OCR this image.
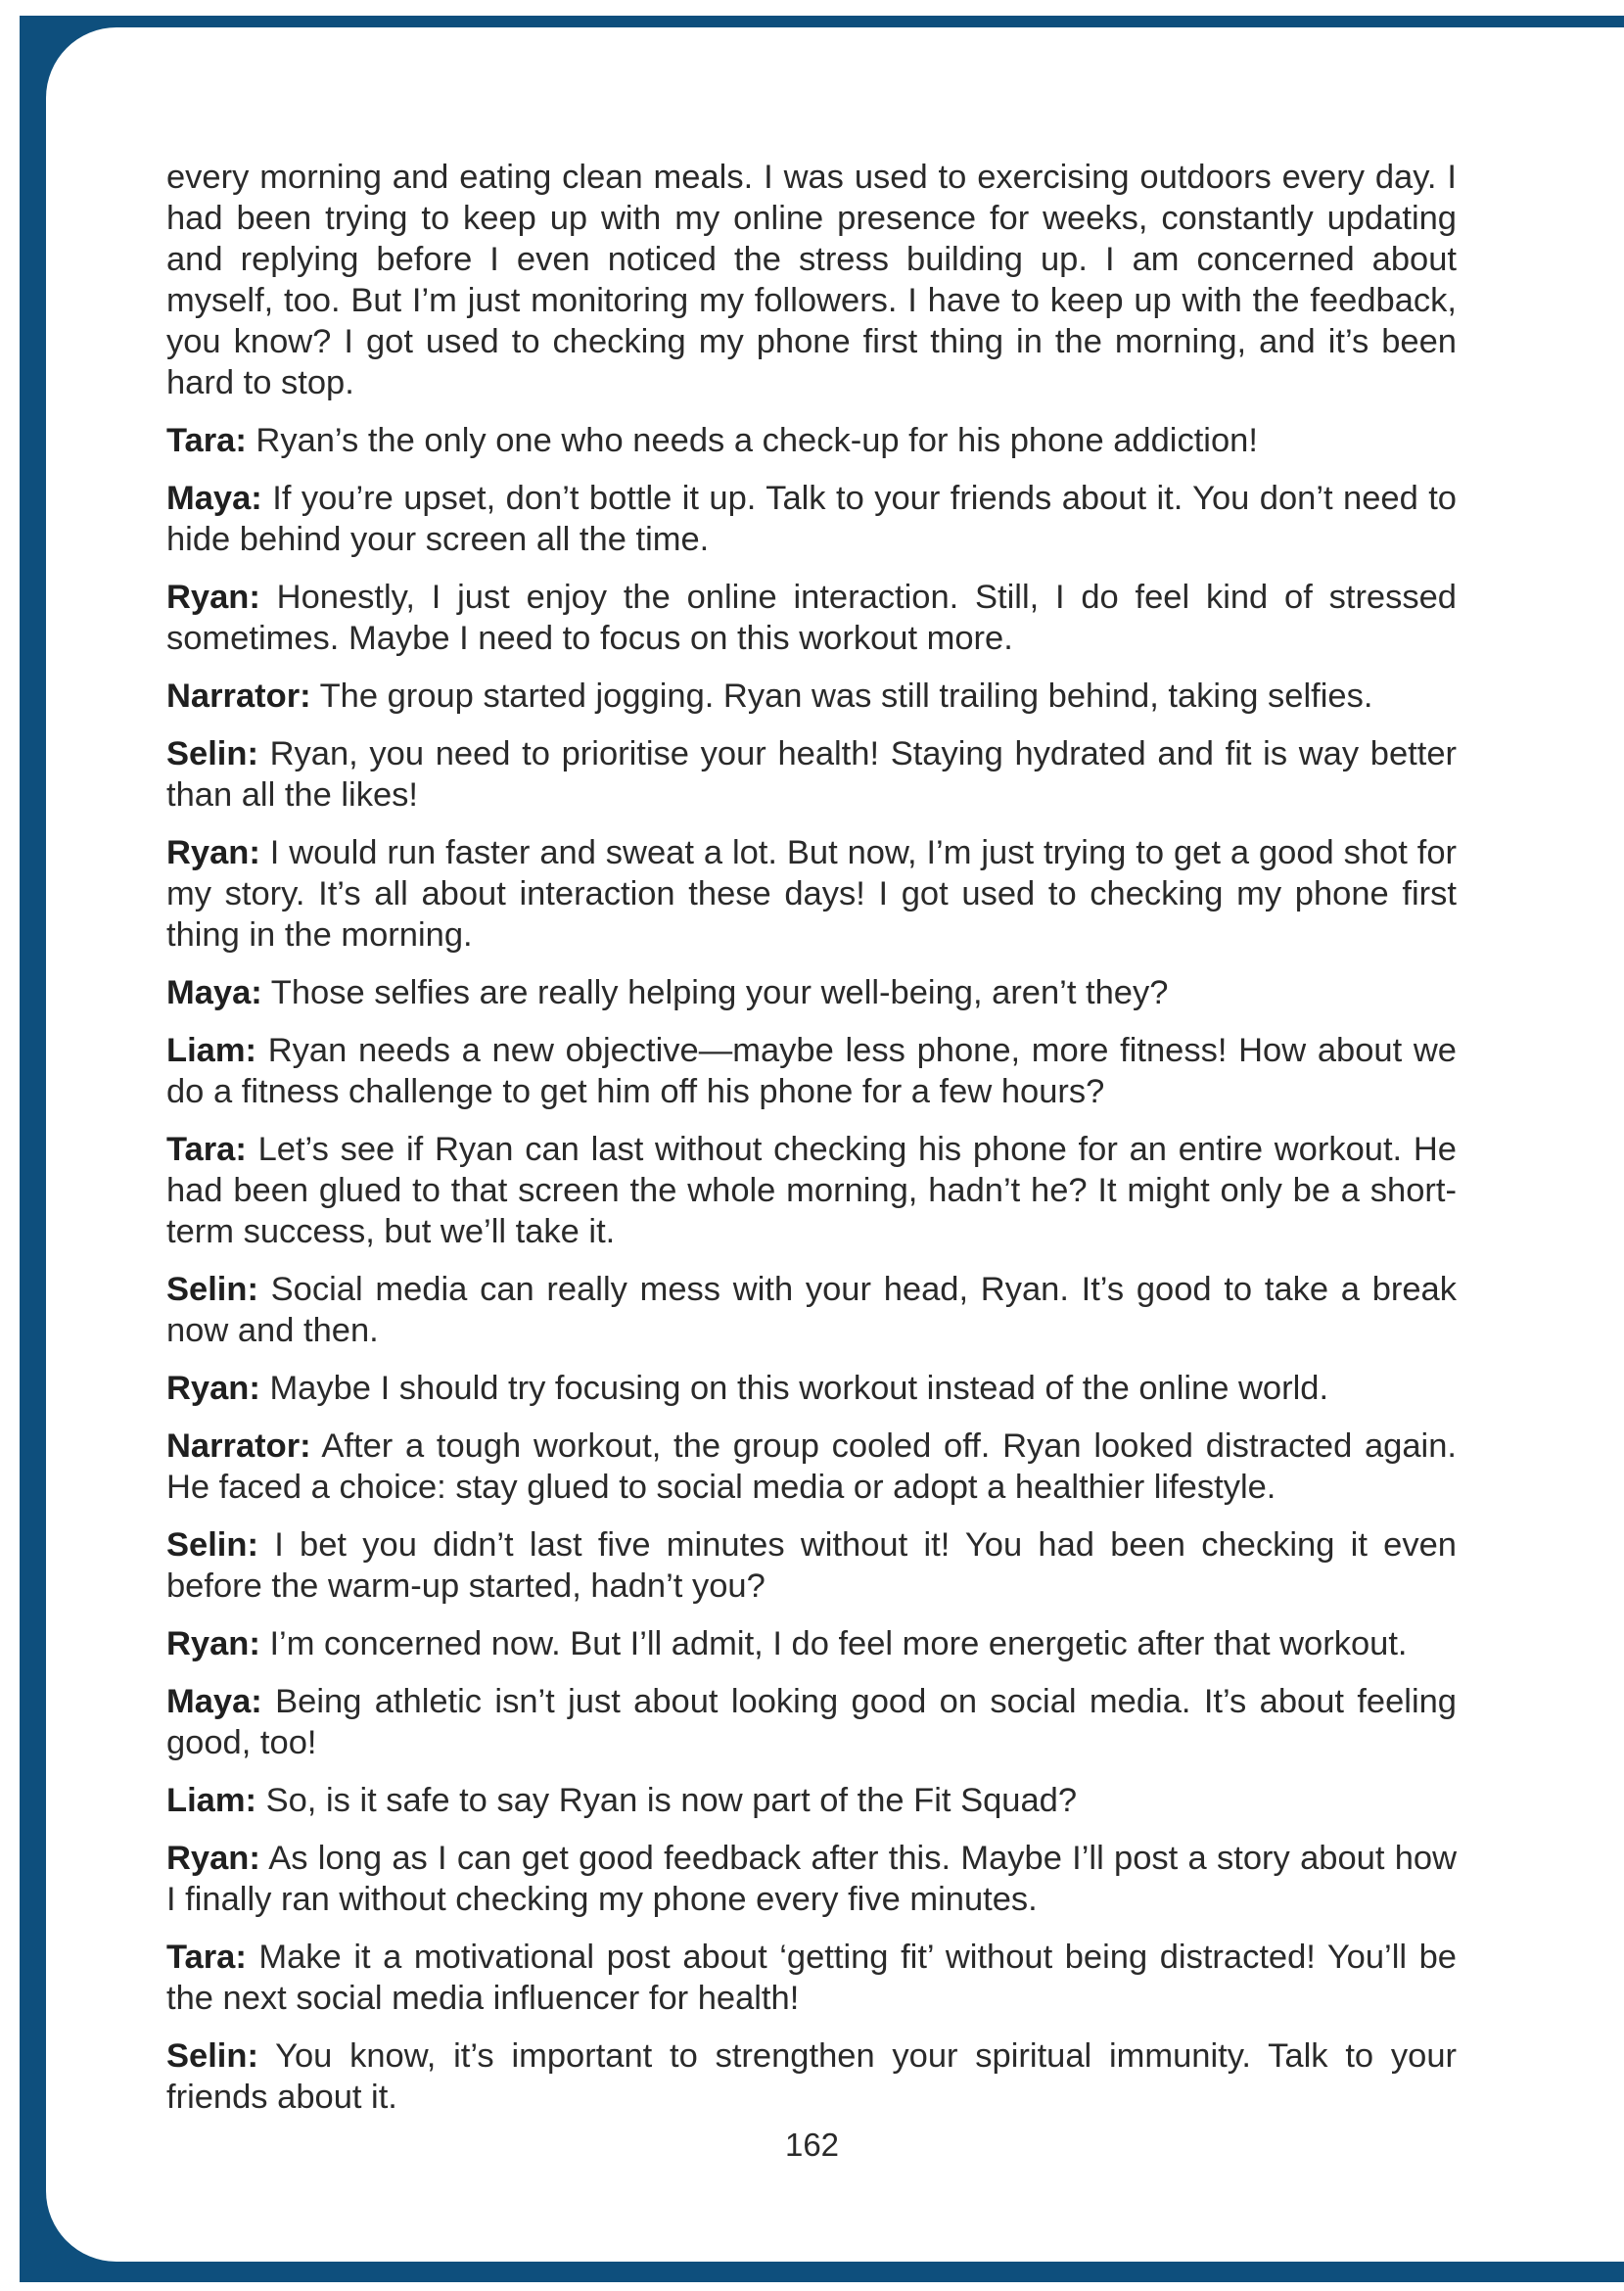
every morning and eating clean meals. I was used to exercising outdoors every day. I had been trying to keep up with my online presence for weeks, constantly updating and replying before I even noticed the stress building up. I am concerned about myself, too. But I’m just monitoring my followers. I have to keep up with the feedback, you know? I got used to checking my phone first thing in the morning, and it’s been hard to stop.

Tara: Ryan’s the only one who needs a check-up for his phone addiction!

Maya: If you’re upset, don’t bottle it up. Talk to your friends about it. You don’t need to hide behind your screen all the time.

Ryan: Honestly, I just enjoy the online interaction. Still, I do feel kind of stressed sometimes. Maybe I need to focus on this workout more.

Narrator: The group started jogging. Ryan was still trailing behind, taking selfies.

Selin: Ryan, you need to prioritise your health! Staying hydrated and fit is way better than all the likes!

Ryan: I would run faster and sweat a lot. But now, I’m just trying to get a good shot for my story. It’s all about interaction these days! I got used to checking my phone first thing in the morning.

Maya: Those selfies are really helping your well-being, aren’t they?

Liam: Ryan needs a new objective—maybe less phone, more fitness! How about we do a fitness challenge to get him off his phone for a few hours?

Tara: Let’s see if Ryan can last without checking his phone for an entire workout. He had been glued to that screen the whole morning, hadn’t he? It might only be a short-term success, but we’ll take it.

Selin: Social media can really mess with your head, Ryan. It’s good to take a break now and then.

Ryan: Maybe I should try focusing on this workout instead of the online world.

Narrator: After a tough workout, the group cooled off. Ryan looked distracted again. He faced a choice: stay glued to social media or adopt a healthier lifestyle.

Selin: I bet you didn’t last five minutes without it! You had been checking it even before the warm-up started, hadn’t you?

Ryan: I’m concerned now. But I’ll admit, I do feel more energetic after that workout.

Maya: Being athletic isn’t just about looking good on social media. It’s about feeling good, too!

Liam: So, is it safe to say Ryan is now part of the Fit Squad?

Ryan: As long as I can get good feedback after this. Maybe I’ll post a story about how I finally ran without checking my phone every five minutes.

Tara: Make it a motivational post about ‘getting fit’ without being distracted! You’ll be the next social media influencer for health!

Selin: You know, it’s important to strengthen your spiritual immunity. Talk to your friends about it.

162
